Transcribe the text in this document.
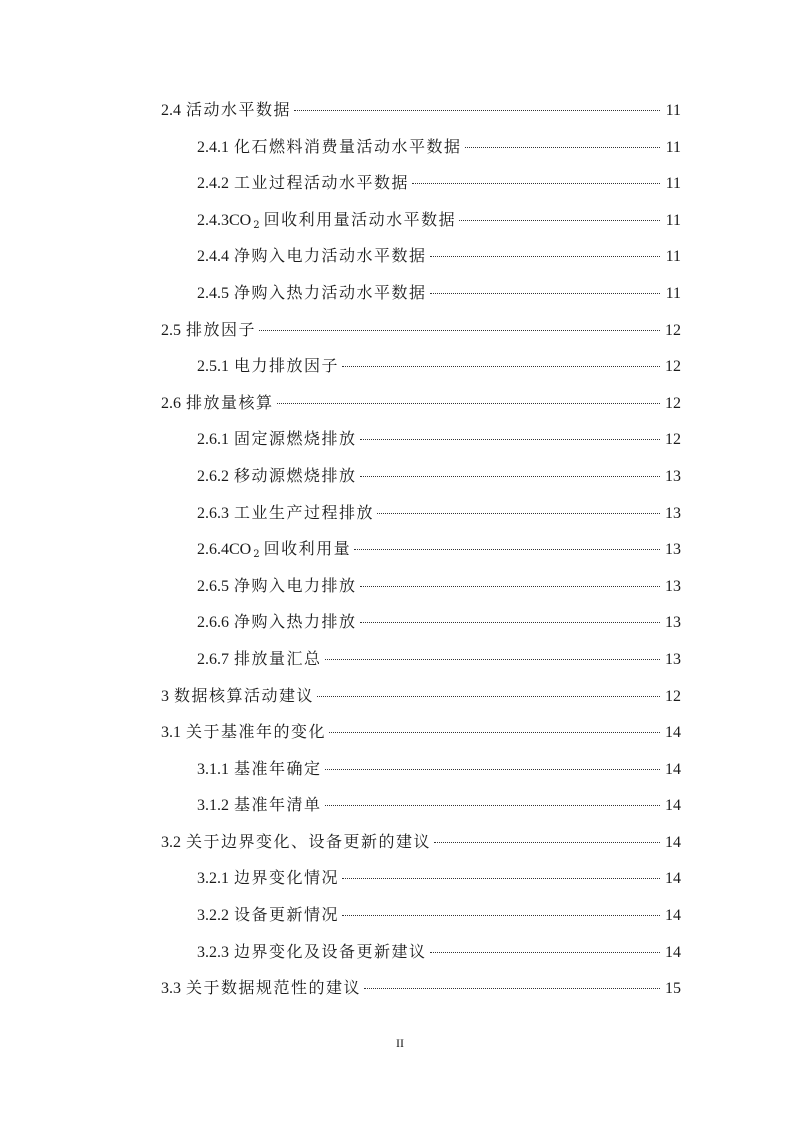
2.4 活动水平数据	11
2.4.1 化石燃料消费量活动水平数据	11
2.4.2 工业过程活动水平数据	11
2.4.3CO $_2$ 回收利用量活动水平数据	11
2.4.4 净购入电力活动水平数据	11
2.4.5 净购入热力活动水平数据	11
2.5 排放因子	12
2.5.1 电力排放因子	12
2.6 排放量核算	12
2.6.1 固定源燃烧排放	12
2.6.2 移动源燃烧排放	13
2.6.3 工业生产过程排放	13
2.6.4CO $_2$ 回收利用量	13
2.6.5 净购入电力排放	13
2.6.6 净购入热力排放	13
2.6.7 排放量汇总	13
3 数据核算活动建议	12
3.1 关于基准年的变化	14
3.1.1 基准年确定	14
3.1.2 基准年清单	14
3.2 关于边界变化、设备更新的建议	14
3.2.1 边界变化情况	14
3.2.2 设备更新情况	14
3.2.3 边界变化及设备更新建议	14
3.3 关于数据规范性的建议	15
II
